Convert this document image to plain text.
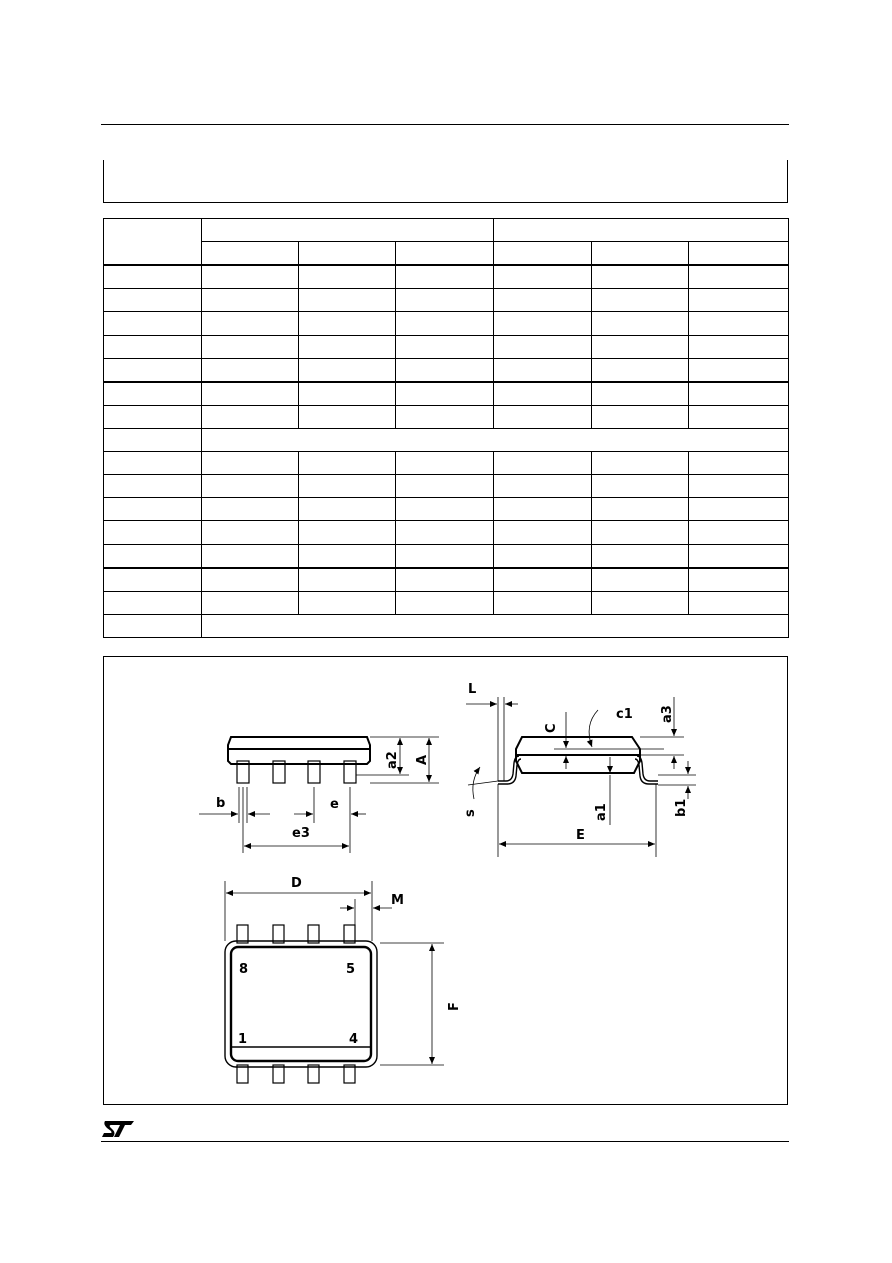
L
C
c1 a3
a2 A
b	e
e3
s	a1	b1
E
D
M
F
8	5
1	4
